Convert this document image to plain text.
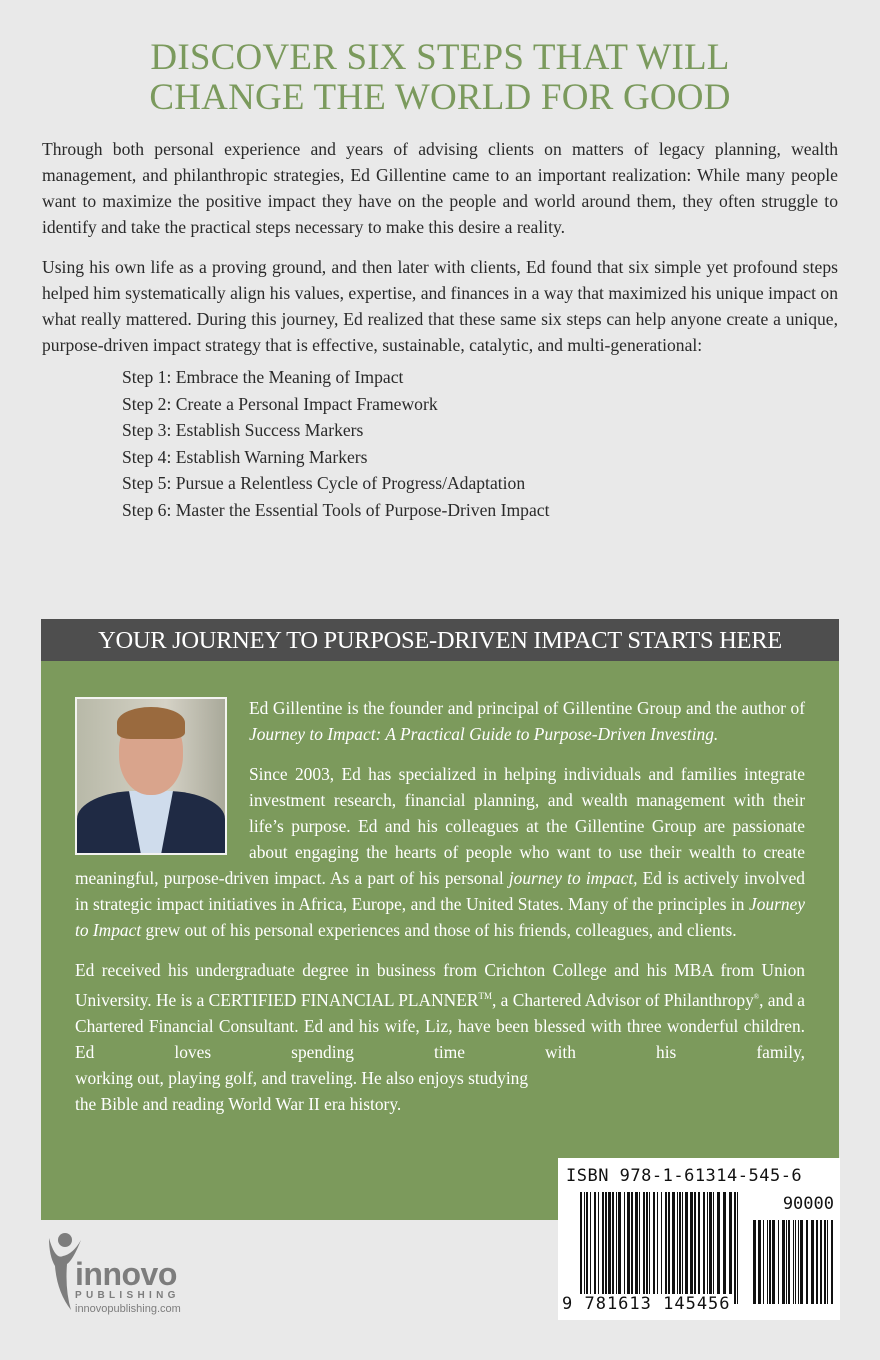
DISCOVER SIX STEPS THAT WILL
CHANGE THE WORLD FOR GOOD

Through both personal experience and years of advising clients on matters of legacy planning, wealth management, and philanthropic strategies, Ed Gillentine came to an important realization: While many people want to maximize the positive impact they have on the people and world around them, they often struggle to identify and take the practical steps necessary to make this desire a reality.

Using his own life as a proving ground, and then later with clients, Ed found that six simple yet profound steps helped him systematically align his values, expertise, and finances in a way that maximized his unique impact on what really mattered. During this journey, Ed realized that these same six steps can help anyone create a unique, purpose-driven impact strategy that is effective, sustainable, catalytic, and multi-generational:

Step 1: Embrace the Meaning of Impact
Step 2: Create a Personal Impact Framework
Step 3: Establish Success Markers
Step 4: Establish Warning Markers
Step 5: Pursue a Relentless Cycle of Progress/Adaptation
Step 6: Master the Essential Tools of Purpose-Driven Impact
YOUR JOURNEY TO PURPOSE-DRIVEN IMPACT STARTS HERE

Ed Gillentine is the founder and principal of Gillentine Group and the author of Journey to Impact: A Practical Guide to Purpose-Driven Investing.

Since 2003, Ed has specialized in helping individuals and families integrate investment research, financial planning, and wealth management with their life’s purpose. Ed and his colleagues at the Gillentine Group are passionate about engaging the hearts of people who want to use their wealth to create meaningful, purpose-driven impact. As a part of his personal journey to impact, Ed is actively involved in strategic impact initiatives in Africa, Europe, and the United States. Many of the principles in Journey to Impact grew out of his personal experiences and those of his friends, colleagues, and clients.

Ed received his undergraduate degree in business from Crichton College and his MBA from Union University. He is a CERTIFIED FINANCIAL PLANNER™, a Chartered Advisor of Philanthropy®, and a Chartered Financial Consultant. Ed and his wife, Liz, have been blessed with three wonderful children. Ed loves spending time with his family,
working out, playing golf, and traveling. He also enjoys studying the Bible and reading World War II era history.
ISBN 978-1-61314-545-6
90000
9 781613 145456
innovo
PUBLISHING
innovopublishing.com
